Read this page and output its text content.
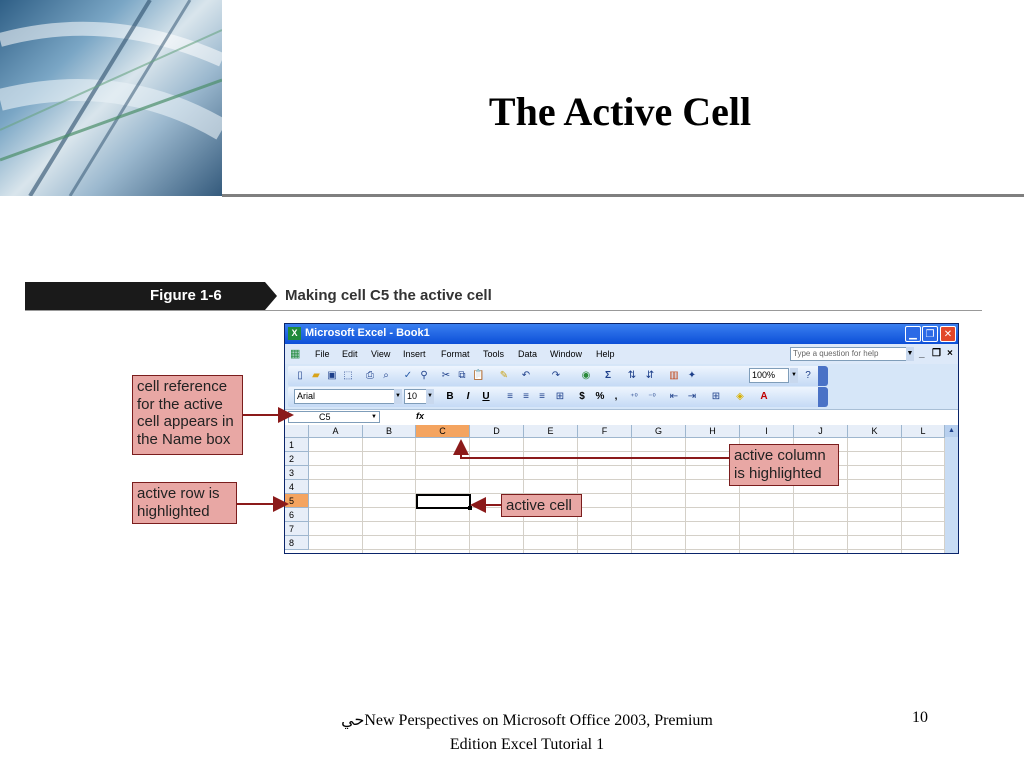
The Active Cell
Figure 1-6	Making cell C5 the active cell
X Microsoft Excel - Book1	▁ ❐ ✕
▦ File Edit View Insert Format Tools Data Window Help	Type a question for help	▼ _ ❐ ×
▯ ▰ ▣ ⬚ ⎙ ⌕	✓ ⚲ ✂ ⧉ 📋 ✎ ↶ ↷ ◉ Σ	⇅ ⇵ ▥ ✦	100%	▼ ?
Arial	▼ 10	▼ B	I	U	≡	≡	≡	⊞	$	%	,	⁺⁰ ⁻⁰ ⇤ ⇥ ⊞ ◈ A
C5	▼	fx
A	B	C	D	E	F	G	H	I	J	K	L
1
2
3
4
5
6
7
8
▲
cell reference for the active cell appears in the Name box
active row is highlighted
active column is highlighted
active cell
حيNew Perspectives on Microsoft Office 2003, Premium
Edition Excel Tutorial 1
10
